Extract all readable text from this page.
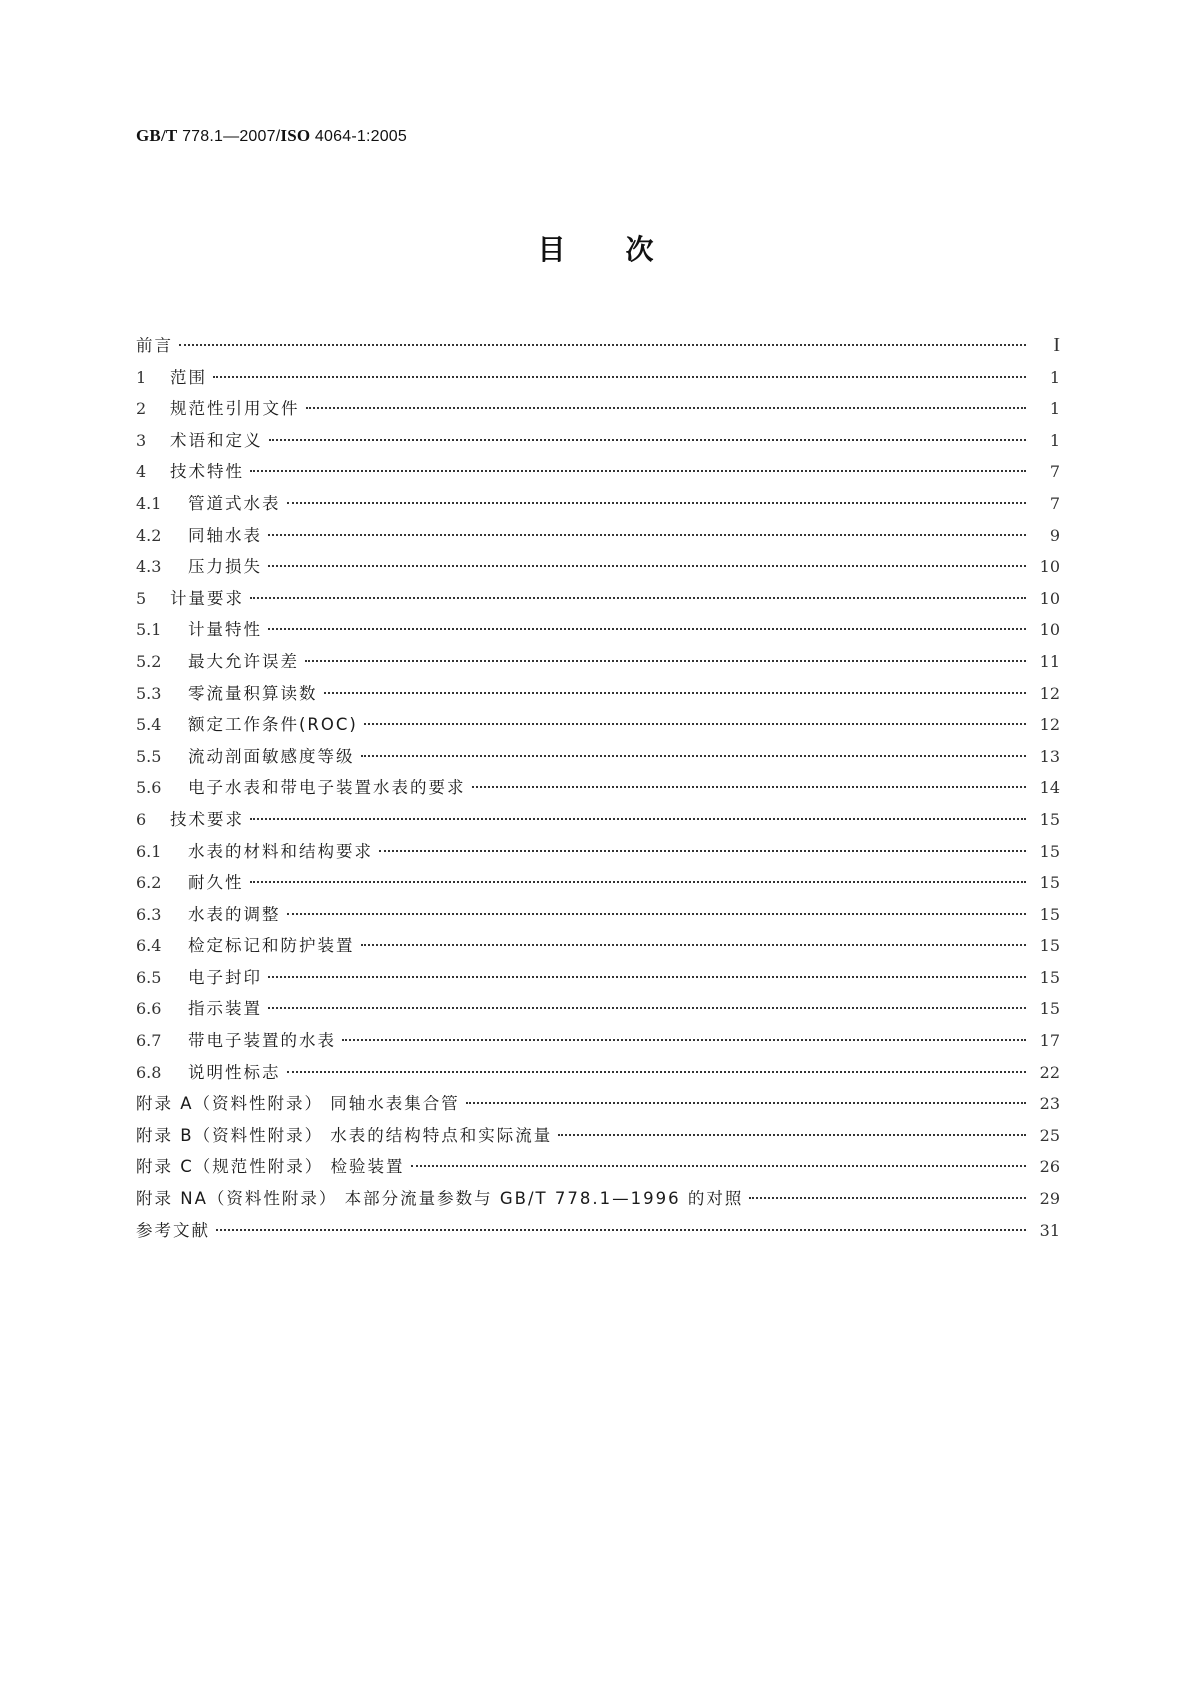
GB/T 778.1—2007/ISO 4064-1:2005
目次
前言	I
1	范围	1
2	规范性引用文件	1
3	术语和定义	1
4	技术特性	7
4.1	管道式水表	7
4.2	同轴水表	9
4.3	压力损失	10
5	计量要求	10
5.1	计量特性	10
5.2	最大允许误差	11
5.3	零流量积算读数	12
5.4	额定工作条件(ROC)	12
5.5	流动剖面敏感度等级	13
5.6	电子水表和带电子装置水表的要求	14
6	技术要求	15
6.1	水表的材料和结构要求	15
6.2	耐久性	15
6.3	水表的调整	15
6.4	检定标记和防护装置	15
6.5	电子封印	15
6.6	指示装置	15
6.7	带电子装置的水表	17
6.8	说明性标志	22
附录 A（资料性附录） 同轴水表集合管	23
附录 B（资料性附录） 水表的结构特点和实际流量	25
附录 C（规范性附录） 检验装置	26
附录 NA（资料性附录） 本部分流量参数与 GB/T 778.1—1996 的对照	29
参考文献	31
